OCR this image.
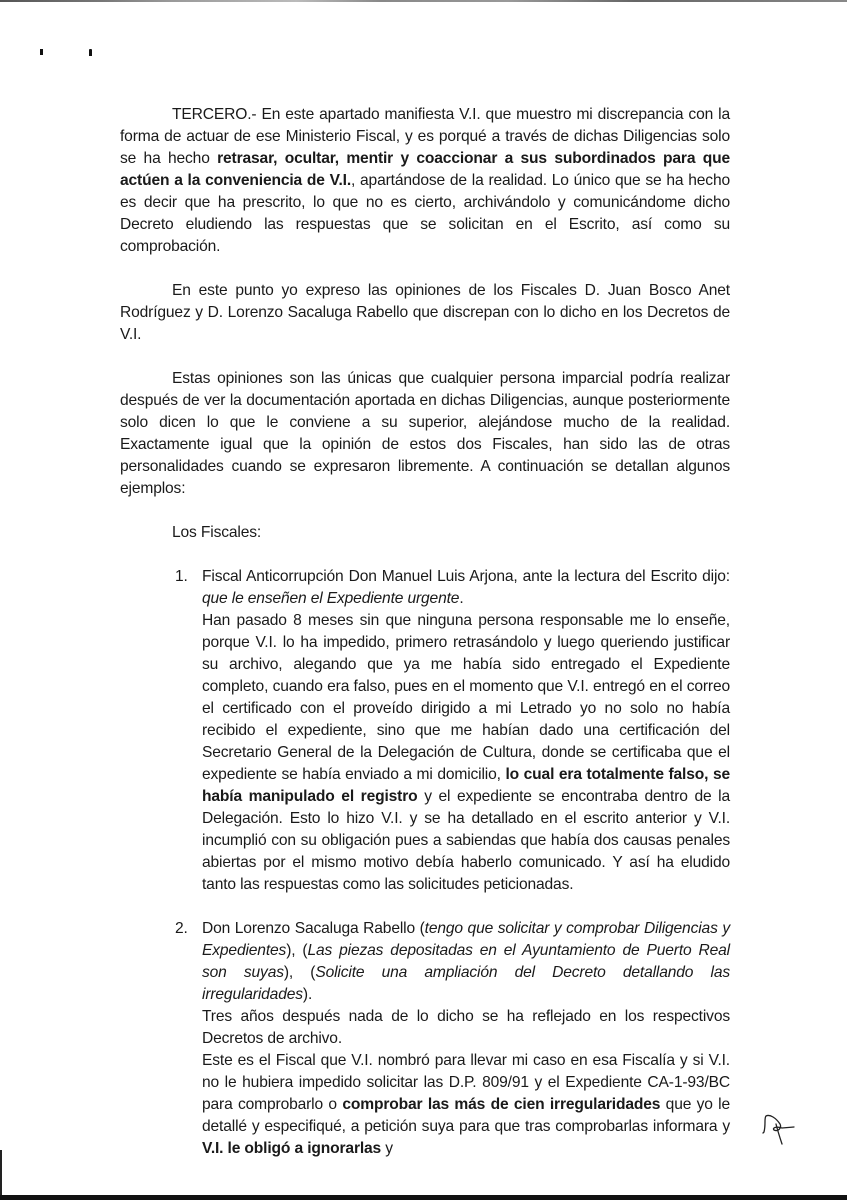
TERCERO.- En este apartado manifiesta V.I. que muestro mi discrepancia con la forma de actuar de ese Ministerio Fiscal, y es porqué a través de dichas Diligencias solo se ha hecho retrasar, ocultar, mentir y coaccionar a sus subordinados para que actúen a la conveniencia de V.I., apartándose de la realidad. Lo único que se ha hecho es decir que ha prescrito, lo que no es cierto, archivándolo y comunicándome dicho Decreto eludiendo las respuestas que se solicitan en el Escrito, así como su comprobación.

En este punto yo expreso las opiniones de los Fiscales D. Juan Bosco Anet Rodríguez y D. Lorenzo Sacaluga Rabello que discrepan con lo dicho en los Decretos de V.I.

Estas opiniones son las únicas que cualquier persona imparcial podría realizar después de ver la documentación aportada en dichas Diligencias, aunque posteriormente solo dicen lo que le conviene a su superior, alejándose mucho de la realidad. Exactamente igual que la opinión de estos dos Fiscales, han sido las de otras personalidades cuando se expresaron libremente. A continuación se detallan algunos ejemplos:

Los Fiscales:

1. Fiscal Anticorrupción Don Manuel Luis Arjona, ante la lectura del Escrito dijo: que le enseñen el Expediente urgente.
Han pasado 8 meses sin que ninguna persona responsable me lo enseñe, porque V.I. lo ha impedido, primero retrasándolo y luego queriendo justificar su archivo, alegando que ya me había sido entregado el Expediente completo, cuando era falso, pues en el momento que V.I. entregó en el correo el certificado con el proveído dirigido a mi Letrado yo no solo no había recibido el expediente, sino que me habían dado una certificación del Secretario General de la Delegación de Cultura, donde se certificaba que el expediente se había enviado a mi domicilio, lo cual era totalmente falso, se había manipulado el registro y el expediente se encontraba dentro de la Delegación. Esto lo hizo V.I. y se ha detallado en el escrito anterior y V.I. incumplió con su obligación pues a sabiendas que había dos causas penales abiertas por el mismo motivo debía haberlo comunicado. Y así ha eludido tanto las respuestas como las solicitudes peticionadas.
2. Don Lorenzo Sacaluga Rabello (tengo que solicitar y comprobar Diligencias y Expedientes), (Las piezas depositadas en el Ayuntamiento de Puerto Real son suyas), (Solicite una ampliación del Decreto detallando las irregularidades).
Tres años después nada de lo dicho se ha reflejado en los respectivos Decretos de archivo.
Este es el Fiscal que V.I. nombró para llevar mi caso en esa Fiscalía y si V.I. no le hubiera impedido solicitar las D.P. 809/91 y el Expediente CA-1-93/BC para comprobarlo o comprobar las más de cien irregularidades que yo le detallé y especifiqué, a petición suya para que tras comprobarlas informara y V.I. le obligó a ignorarlas y
